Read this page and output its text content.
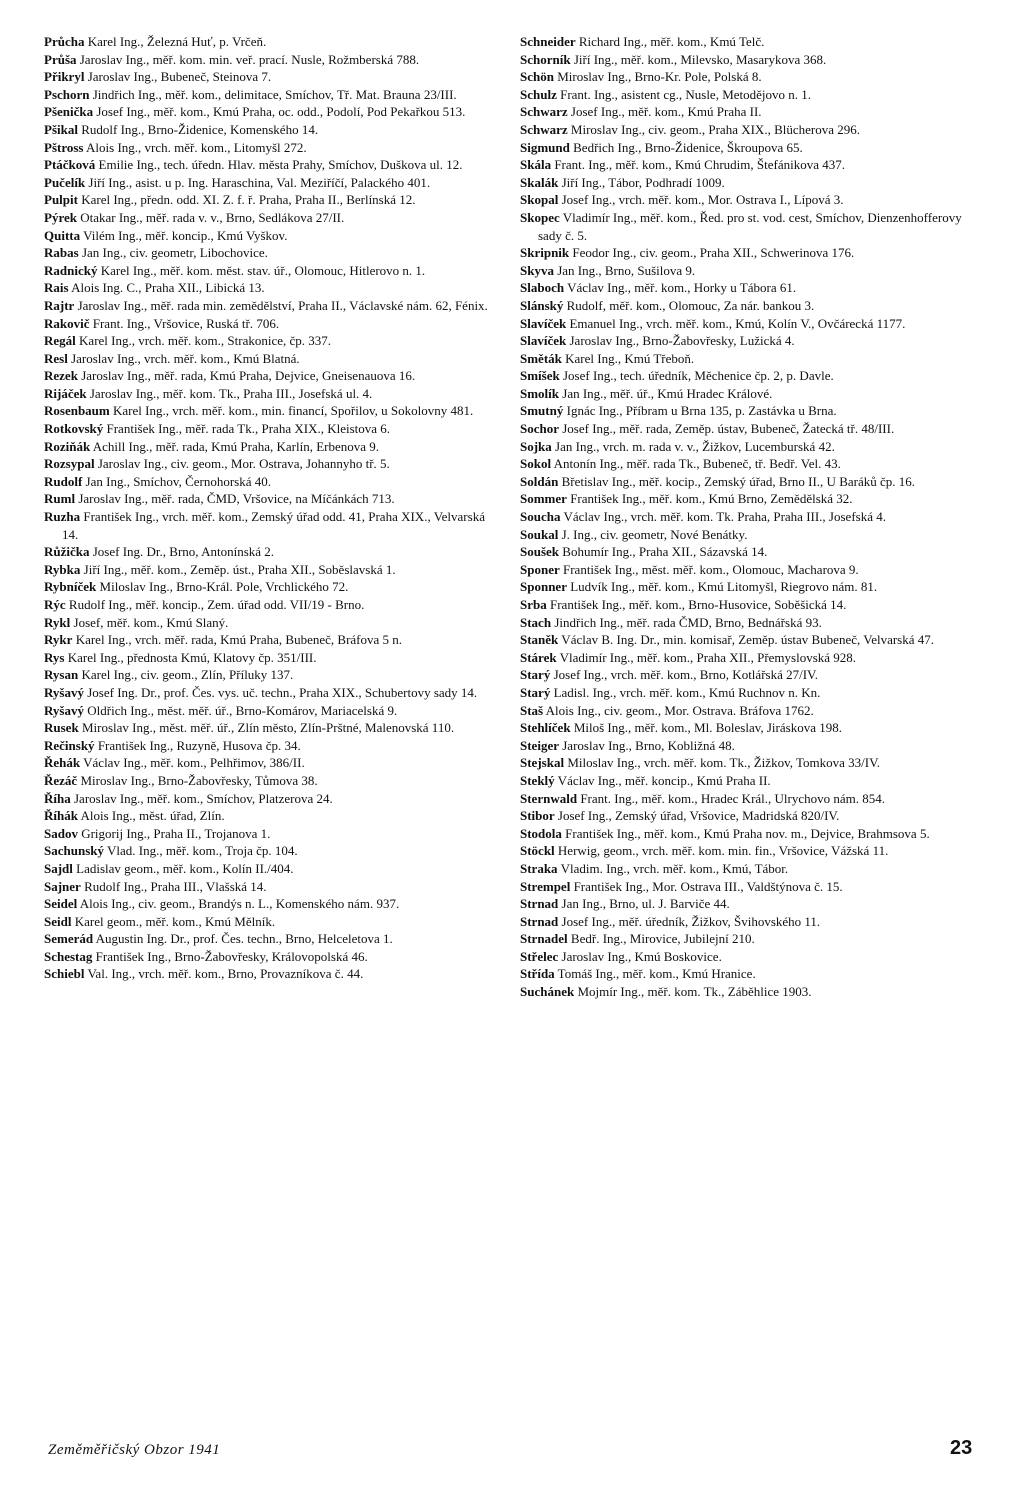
Průcha Karel Ing., Železná Huť, p. Vrčeň.

Průša Jaroslav Ing., měř. kom. min. veř. prací. Nusle, Rožmberská 788.

Přikryl Jaroslav Ing., Bubeneč, Steinova 7.

Pschorn Jindřich Ing., měř. kom., delimitace, Smíchov, Tř. Mat. Brauna 23/III.

Pšenička Josef Ing., měř. kom., Kmú Praha, oc. odd., Podolí, Pod Pekařkou 513.

Pšikal Rudolf Ing., Brno-Židenice, Komenského 14.

Pštross Alois Ing., vrch. měř. kom., Litomyšl 272.

Ptáčková Emilie Ing., tech. úředn. Hlav. města Prahy, Smíchov, Duškova ul. 12.

Pučelík Jiří Ing., asist. u p. Ing. Haraschina, Val. Meziříčí, Palackého 401.

Pulpit Karel Ing., předn. odd. XI. Z. f. ř. Praha, Praha II., Berlínská 12.

Pýrek Otakar Ing., měř. rada v. v., Brno, Sedlákova 27/II.

Quitta Vilém Ing., měř. koncip., Kmú Vyškov.

Rabas Jan Ing., civ. geometr, Libochovice.

Radnický Karel Ing., měř. kom. měst. stav. úř., Olomouc, Hitlerovo n. 1.

Rais Alois Ing. C., Praha XII., Libická 13.

Rajtr Jaroslav Ing., měř. rada min. zemědělství, Praha II., Václavské nám. 62, Fénix.

Rakovič Frant. Ing., Vršovice, Ruská tř. 706.

Regál Karel Ing., vrch. měř. kom., Strakonice, čp. 337.

Resl Jaroslav Ing., vrch. měř. kom., Kmú Blatná.

Rezek Jaroslav Ing., měř. rada, Kmú Praha, Dejvice, Gneisenauova 16.

Rijáček Jaroslav Ing., měř. kom. Tk., Praha III., Josefská ul. 4.

Rosenbaum Karel Ing., vrch. měř. kom., min. financí, Spořilov, u Sokolovny 481.

Rotkovský František Ing., měř. rada Tk., Praha XIX., Kleistova 6.

Roziňák Achill Ing., měř. rada, Kmú Praha, Karlín, Erbenova 9.

Rozsypal Jaroslav Ing., civ. geom., Mor. Ostrava, Johannyho tř. 5.

Rudolf Jan Ing., Smíchov, Černohorská 40.

Ruml Jaroslav Ing., měř. rada, ČMD, Vršovice, na Míčánkách 713.

Ruzha František Ing., vrch. měř. kom., Zemský úřad odd. 41, Praha XIX., Velvarská 14.

Růžička Josef Ing. Dr., Brno, Antonínská 2.

Rybka Jiří Ing., měř. kom., Zeměp. úst., Praha XII., Soběslavská 1.

Rybníček Miloslav Ing., Brno-Král. Pole, Vrchlického 72.

Rýc Rudolf Ing., měř. koncip., Zem. úřad odd. VII/19 - Brno.

Rykl Josef, měř. kom., Kmú Slaný.

Rykr Karel Ing., vrch. měř. rada, Kmú Praha, Bubeneč, Bráfova 5 n.

Rys Karel Ing., přednosta Kmú, Klatovy čp. 351/III.

Rysan Karel Ing., civ. geom., Zlín, Příluky 137.

Ryšavý Josef Ing. Dr., prof. Čes. vys. uč. techn., Praha XIX., Schubertovy sady 14.

Ryšavý Oldřich Ing., měst. měř. úř., Brno-Komárov, Mariacelská 9.

Rusek Miroslav Ing., měst. měř. úř., Zlín město, Zlín-Prštné, Malenovská 110.

Rečinský František Ing., Ruzyně, Husova čp. 34.

Řehák Václav Ing., měř. kom., Pelhřimov, 386/II.

Řezáč Miroslav Ing., Brno-Žabovřesky, Tůmova 38.

Říha Jaroslav Ing., měř. kom., Smíchov, Platzerova 24.

Říhák Alois Ing., měst. úřad, Zlín.

Sadov Grigorij Ing., Praha II., Trojanova 1.

Sachunský Vlad. Ing., měř. kom., Troja čp. 104.

Sajdl Ladislav geom., měř. kom., Kolín II./404.

Sajner Rudolf Ing., Praha III., Vlašská 14.

Seidel Alois Ing., civ. geom., Brandýs n. L., Komenského nám. 937.

Seidl Karel geom., měř. kom., Kmú Mělník.

Semerád Augustin Ing. Dr., prof. Čes. techn., Brno, Helceletova 1.

Schestag František Ing., Brno-Žabovřesky, Královopolská 46.

Schiebl Val. Ing., vrch. měř. kom., Brno, Provazníkova č. 44.

Schneider Richard Ing., měř. kom., Kmú Telč.

Schorník Jiří Ing., měř. kom., Milevsko, Masarykova 368.

Schön Miroslav Ing., Brno-Kr. Pole, Polská 8.

Schulz Frant. Ing., asistent cg., Nusle, Metodějovo n. 1.

Schwarz Josef Ing., měř. kom., Kmú Praha II.

Schwarz Miroslav Ing., civ. geom., Praha XIX., Blücherova 296.

Sigmund Bedřich Ing., Brno-Židenice, Škroupova 65.

Skála Frant. Ing., měř. kom., Kmú Chrudim, Štefánikova 437.

Skalák Jiří Ing., Tábor, Podhradí 1009.

Skopal Josef Ing., vrch. měř. kom., Mor. Ostrava I., Lípová 3.

Skopec Vladimír Ing., měř. kom., Řed. pro st. vod. cest, Smíchov, Dienzenhofferovy sady č. 5.

Skripnik Feodor Ing., civ. geom., Praha XII., Schwerinova 176.

Skyva Jan Ing., Brno, Sušilova 9.

Slaboch Václav Ing., měř. kom., Horky u Tábora 61.

Slánský Rudolf, měř. kom., Olomouc, Za nár. bankou 3.

Slavíček Emanuel Ing., vrch. měř. kom., Kmú, Kolín V., Ovčárecká 1177.

Slavíček Jaroslav Ing., Brno-Žabovřesky, Lužická 4.

Směták Karel Ing., Kmú Třeboň.

Smíšek Josef Ing., tech. úředník, Měchenice čp. 2, p. Davle.

Smolík Jan Ing., měř. úř., Kmú Hradec Králové.

Smutný Ignác Ing., Příbram u Brna 135, p. Zastávka u Brna.

Sochor Josef Ing., měř. rada, Zeměp. ústav, Bubeneč, Žatecká tř. 48/III.

Sojka Jan Ing., vrch. m. rada v. v., Žižkov, Lucemburská 42.

Sokol Antonín Ing., měř. rada Tk., Bubeneč, tř. Bedř. Vel. 43.

Soldán Břetislav Ing., měř. kocip., Zemský úřad, Brno II., U Baráků čp. 16.

Sommer František Ing., měř. kom., Kmú Brno, Zemědělská 32.

Soucha Václav Ing., vrch. měř. kom. Tk. Praha, Praha III., Josefská 4.

Soukal J. Ing., civ. geometr, Nové Benátky.

Soušek Bohumír Ing., Praha XII., Sázavská 14.

Sponer František Ing., měst. měř. kom., Olomouc, Macharova 9.

Sponner Ludvík Ing., měř. kom., Kmú Litomyšl, Riegrovo nám. 81.

Srba František Ing., měř. kom., Brno-Husovice, Soběšická 14.

Stach Jindřich Ing., měř. rada ČMD, Brno, Bednářská 93.

Staněk Václav B. Ing. Dr., min. komisař, Zeměp. ústav Bubeneč, Velvarská 47.

Stárek Vladimír Ing., měř. kom., Praha XII., Přemyslovská 928.

Starý Josef Ing., vrch. měř. kom., Brno, Kotlářská 27/IV.

Starý Ladisl. Ing., vrch. měř. kom., Kmú Ruchnov n. Kn.

Staš Alois Ing., civ. geom., Mor. Ostrava. Bráfova 1762.

Stehlíček Miloš Ing., měř. kom., Ml. Boleslav, Jiráskova 198.

Steiger Jaroslav Ing., Brno, Kobližná 48.

Stejskal Miloslav Ing., vrch. měř. kom. Tk., Žižkov, Tomkova 33/IV.

Steklý Václav Ing., měř. koncip., Kmú Praha II.

Sternwald Frant. Ing., měř. kom., Hradec Král., Ulrychovo nám. 854.

Stibor Josef Ing., Zemský úřad, Vršovice, Madridská 820/IV.

Stodola František Ing., měř. kom., Kmú Praha nov. m., Dejvice, Brahmsova 5.

Stöckl Herwig, geom., vrch. měř. kom. min. fin., Vršovice, Vážská 11.

Straka Vladim. Ing., vrch. měř. kom., Kmú, Tábor.

Strempel František Ing., Mor. Ostrava III., Valdštýnova č. 15.

Strnad Jan Ing., Brno, ul. J. Barviče 44.

Strnad Josef Ing., měř. úředník, Žižkov, Švihovského 11.

Strnadel Bedř. Ing., Mirovice, Jubilejní 210.

Střelec Jaroslav Ing., Kmú Boskovice.

Střída Tomáš Ing., měř. kom., Kmú Hranice.

Suchánek Mojmír Ing., měř. kom. Tk., Záběhlice 1903.

Zeměměřičský Obzor 1941	23
